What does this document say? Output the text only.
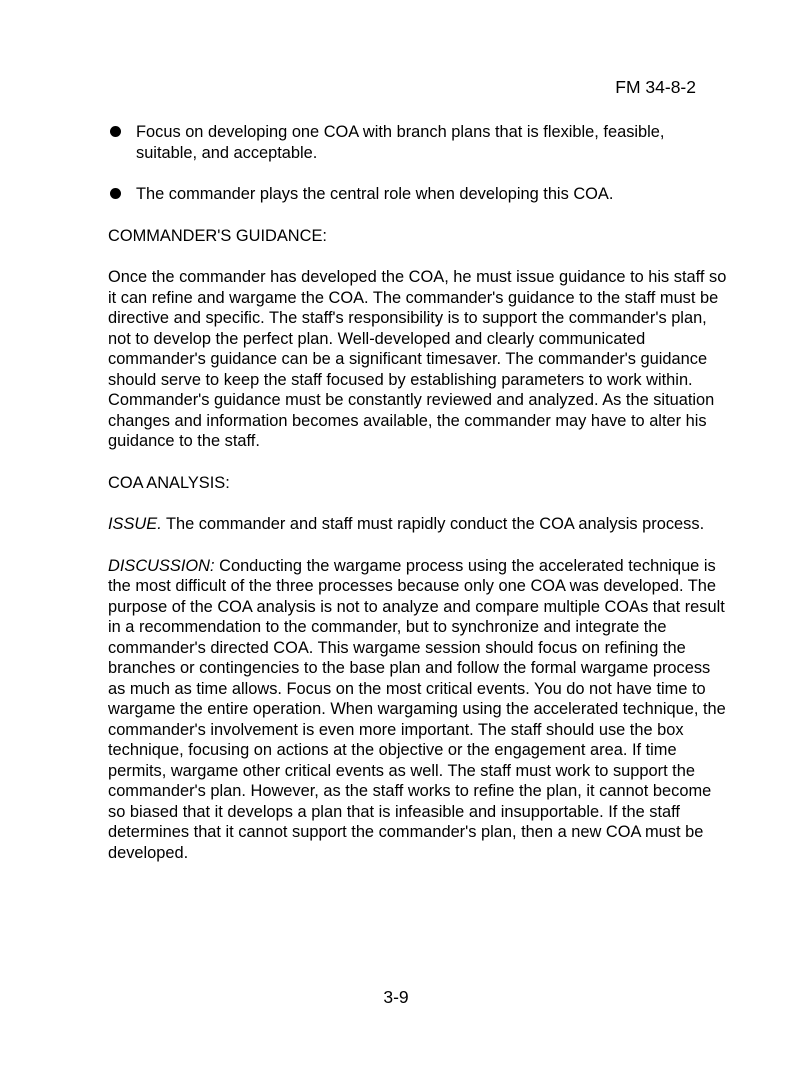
FM 34-8-2
Focus on developing one COA with branch plans that is flexible, feasible, suitable, and acceptable.
The commander plays the central role when developing this COA.
COMMANDER'S GUIDANCE:
Once the commander has developed the COA, he must issue guidance to his staff so it can refine and wargame the COA. The commander's guidance to the staff must be directive and specific. The staff's responsibility is to support the commander's plan, not to develop the perfect plan. Well-developed and clearly communicated commander's guidance can be a significant timesaver. The commander's guidance should serve to keep the staff focused by establishing parameters to work within. Commander's guidance must be constantly reviewed and analyzed. As the situation changes and information becomes available, the commander may have to alter his guidance to the staff.
COA ANALYSIS:
ISSUE. The commander and staff must rapidly conduct the COA analysis process.
DISCUSSION: Conducting the wargame process using the accelerated technique is the most difficult of the three processes because only one COA was developed. The purpose of the COA analysis is not to analyze and compare multiple COAs that result in a recommendation to the commander, but to synchronize and integrate the commander's directed COA. This wargame session should focus on refining the branches or contingencies to the base plan and follow the formal wargame process as much as time allows. Focus on the most critical events. You do not have time to wargame the entire operation. When wargaming using the accelerated technique, the commander's involvement is even more important. The staff should use the box technique, focusing on actions at the objective or the engagement area. If time permits, wargame other critical events as well. The staff must work to support the commander's plan. However, as the staff works to refine the plan, it cannot become so biased that it develops a plan that is infeasible and insupportable. If the staff determines that it cannot support the commander's plan, then a new COA must be developed.
3-9
